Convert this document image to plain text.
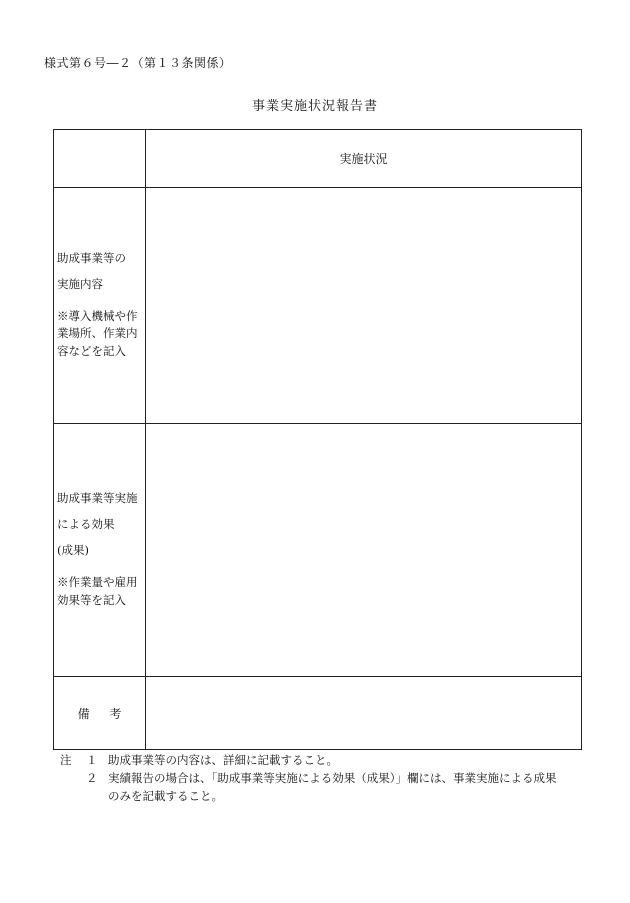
様式第６号―２（第１３条関係）
事業実施状況報告書
	実施状況

助成事業等の
実施内容
※導入機械や作
業場所、作業内
容などを記入	

助成事業等実施
による効果
(成果)
※作業量や雇用
効果等を記入	

備 考	
注	１ 助成事業等の内容は、詳細に記載すること。
２ 実績報告の場合は、「助成事業等実施による効果（成果）」欄には、事業実施による成果
のみを記載すること。
